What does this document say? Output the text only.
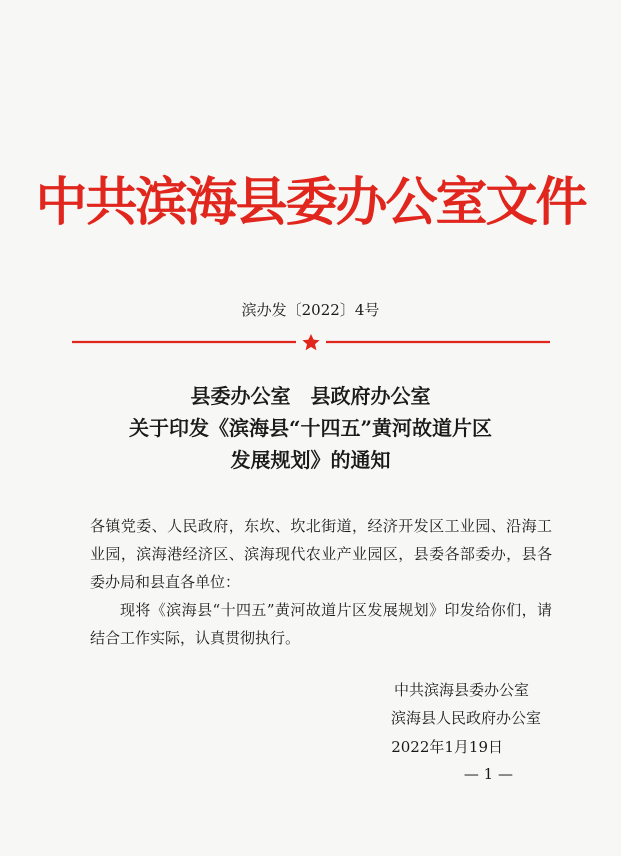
中共滨海县委办公室文件
滨办发〔2022〕4号
县委办公室　县政府办公室
关于印发《滨海县“十四五”黄河故道片区
发展规划》的通知

各镇党委、人民政府，东坎、坎北街道，经济开发区工业园、沿海工业园，滨海港经济区、滨海现代农业产业园区，县委各部委办，县各委办局和县直各单位：

现将《滨海县“十四五”黄河故道片区发展规划》印发给你们，请结合工作实际，认真贯彻执行。

中共滨海县委办公室
滨海县人民政府办公室
2022年1月19日
— 1 —
